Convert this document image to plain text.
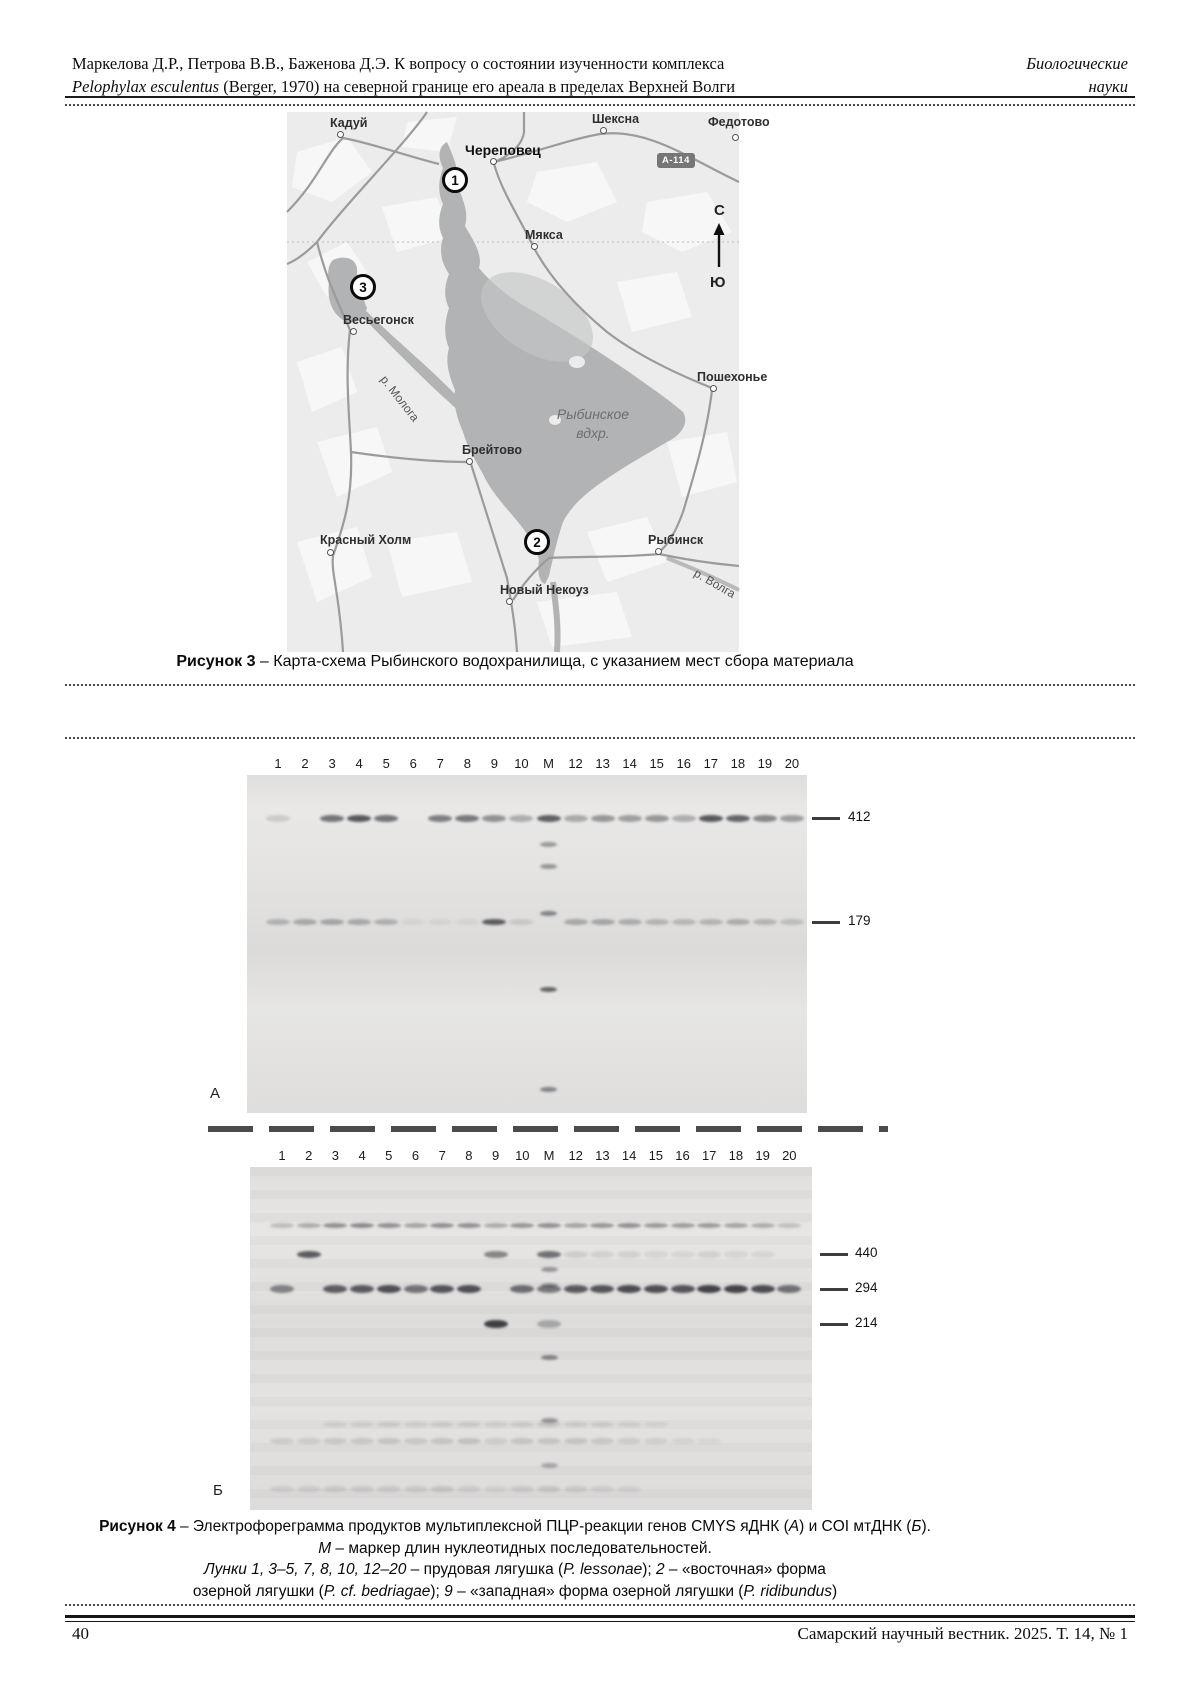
Маркелова Д.Р., Петрова В.В., Баженова Д.Э. К вопросу о состоянии изученности комплекса
Pelophylax esculentus (Berger, 1970) на северной границе его ареала в пределах Верхней Волги
Биологические
науки
С
Ю
А-114
Рыбинское
вдхр.
Кадуй
Череповец
Шексна	Федотово
Мякса
Весьегонск
Пошехонье
Брейтово
Красный Холм	Рыбинск
Новый Некоуз
р. Молога
р. Волга
1
2
3
Рисунок 3 – Карта-схема Рыбинского водохранилища, с указанием мест сбора материала
1 2 3 4 5 6 7 8 9 10 M 12 13 14 15 16 17 18 19 20
412
179
А
1 2 3 4 5 6 7 8 9 10 M 12 13 14 15 16 17 18 19 20
440
294
214
Б
Рисунок 4 – Электрофореграмма продуктов мультиплексной ПЦР-реакции генов CMYS яДНК (А) и COI мтДНК (Б).
М – маркер длин нуклеотидных последовательностей.
Лунки 1, 3–5, 7, 8, 10, 12–20 – прудовая лягушка (P. lessonae); 2 – «восточная» форма
озерной лягушки (P. cf. bedriagae); 9 – «западная» форма озерной лягушки (P. ridibundus)
40	Самарский научный вестник. 2025. Т. 14, № 1
